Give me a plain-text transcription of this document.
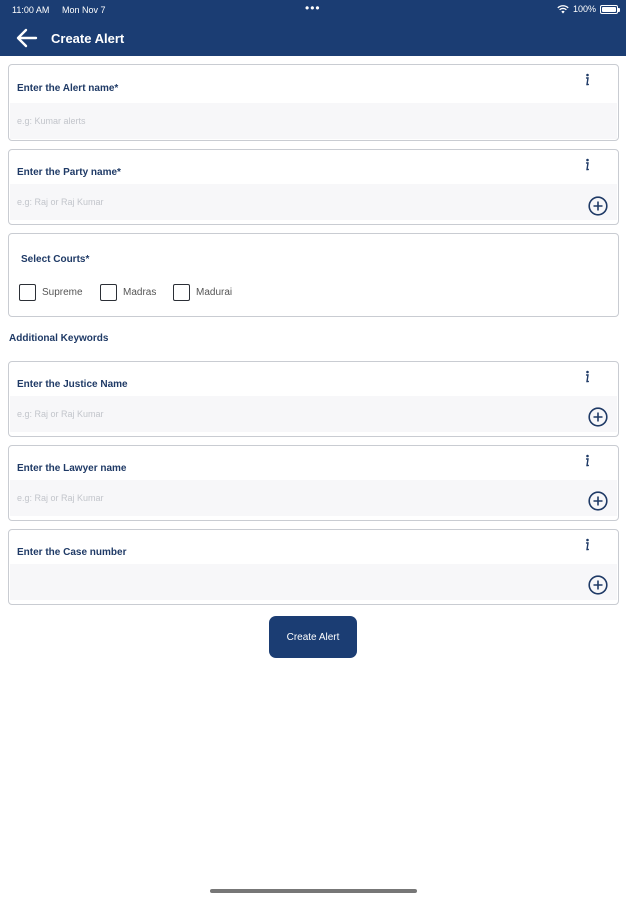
11:00 AM Mon Nov 7	•••	100%
Create Alert
Enter the Alert name*
e.g: Kumar alerts
Enter the Party name*
e.g: Raj or Raj Kumar
Select Courts*
Supreme	Madras	Madurai
Additional Keywords
Enter the Justice Name
e.g: Raj or Raj Kumar
Enter the Lawyer name
e.g: Raj or Raj Kumar
Enter the Case number
Create Alert
